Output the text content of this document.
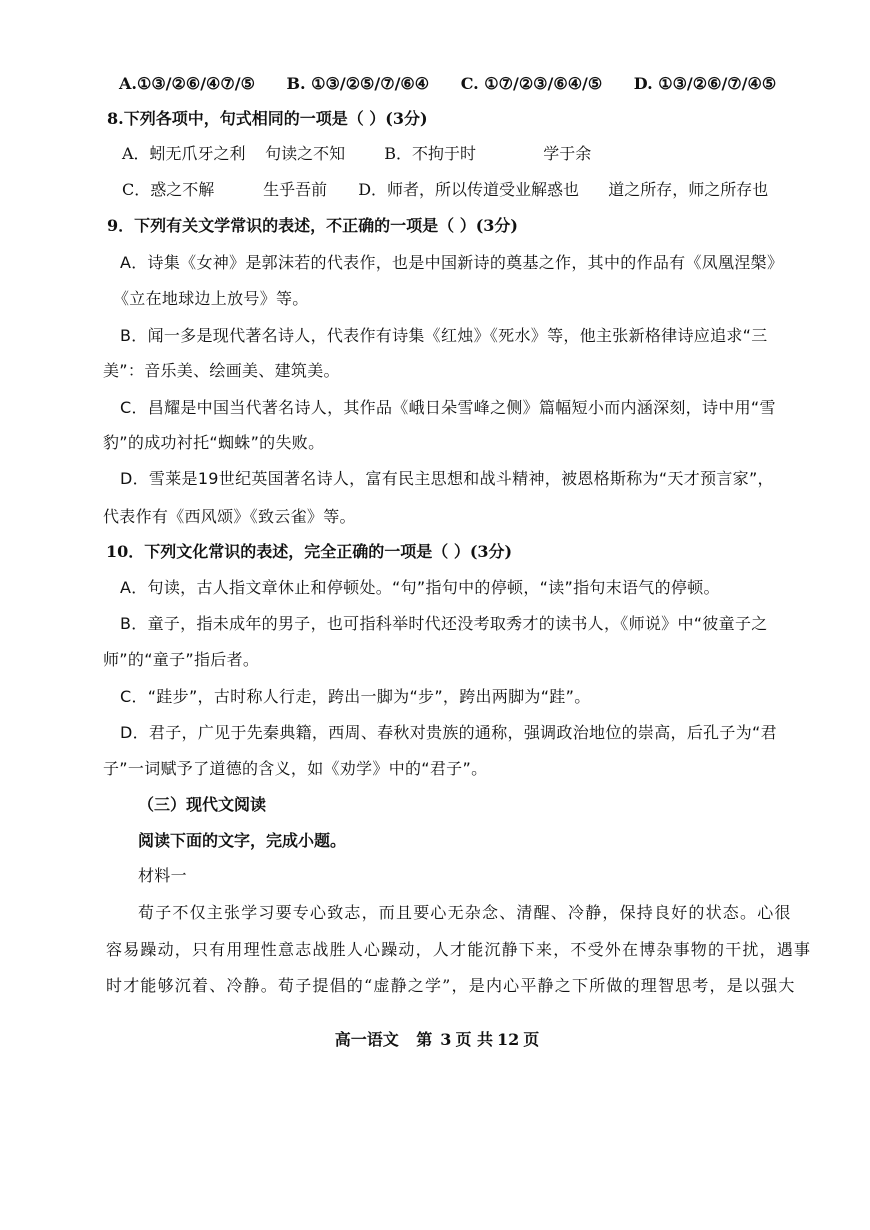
A.①③/②⑥/④⑦/⑤ B. ①③/②⑤/⑦/⑥④ C. ①⑦/②③/⑥④/⑤ D. ①③/②⑥/⑦/④⑤
8.下列各项中，句式相同的一项是（ ）(3分)
A．蚓无爪牙之利 句读之不知 B．不拘于时	学于余
C．惑之不解	生乎吾前 D．师者，所以传道受业解惑也 道之所存，师之所存也
9．下列有关文学常识的表述，不正确的一项是（ ）(3分)
A．诗集《女神》是郭沫若的代表作，也是中国新诗的奠基之作，其中的作品有《凤凰涅槃》
《立在地球边上放号》等。
B．闻一多是现代著名诗人，代表作有诗集《红烛》《死水》等，他主张新格律诗应追求“三
美”：音乐美、绘画美、建筑美。
C．昌耀是中国当代著名诗人，其作品《峨日朵雪峰之侧》篇幅短小而内涵深刻，诗中用“雪
豹”的成功衬托“蜘蛛”的失败。
D．雪莱是19世纪英国著名诗人，富有民主思想和战斗精神，被恩格斯称为“天才预言家”，
代表作有《西风颂》《致云雀》等。
10．下列文化常识的表述，完全正确的一项是（ ）(3分)
A．句读，古人指文章休止和停顿处。“句”指句中的停顿，“读”指句末语气的停顿。
B．童子，指未成年的男子，也可指科举时代还没考取秀才的读书人，《师说》中“彼童子之
师”的“童子”指后者。
C．“跬步”，古时称人行走，跨出一脚为“步”，跨出两脚为“跬”。
D．君子，广见于先秦典籍，西周、春秋对贵族的通称，强调政治地位的崇高，后孔子为“君
子”一词赋予了道德的含义，如《劝学》中的“君子”。
（三）现代文阅读
阅读下面的文字，完成小题。
材料一
荀子不仅主张学习要专心致志，而且要心无杂念、清醒、冷静，保持良好的状态。心很
容易躁动，只有用理性意志战胜人心躁动，人才能沉静下来，不受外在博杂事物的干扰，遇事
时才能够沉着、冷静。荀子提倡的“虚静之学”，是内心平静之下所做的理智思考，是以强大
高一语文 第 3 页 共 12 页
